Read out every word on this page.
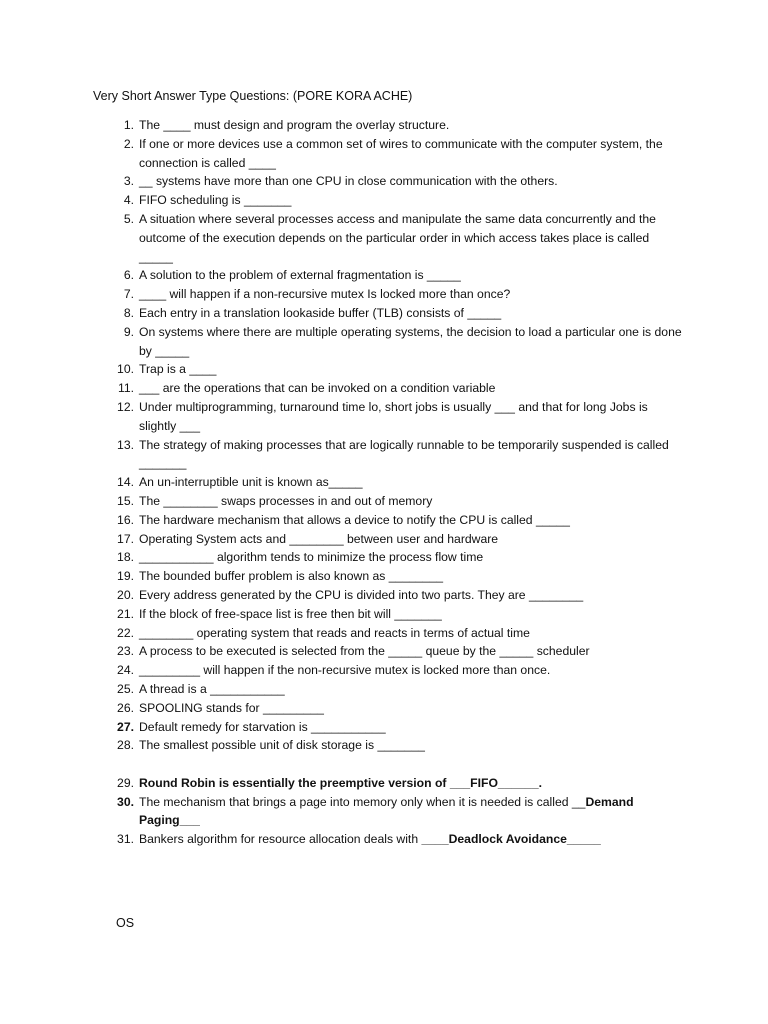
Very Short Answer Type Questions: (PORE KORA ACHE)
1. The ____ must design and program the overlay structure.
2. If one or more devices use a common set of wires to communicate with the computer system, the connection is called ____
3. __ systems have more than one CPU in close communication with the others.
4. FIFO scheduling is _______
5. A situation where several processes access and manipulate the same data concurrently and the outcome of the execution depends on the particular order in which access takes place is called _____
6. A solution to the problem of external fragmentation is _____
7. ____ will happen if a non-recursive mutex Is locked more than once?
8. Each entry in a translation lookaside buffer (TLB) consists of _____
9. On systems where there are multiple operating systems, the decision to load a particular one is done by _____
10. Trap is a ____
11. ___ are the operations that can be invoked on a condition variable
12. Under multiprogramming, turnaround time lo, short jobs is usually ___ and that for long Jobs is slightly ___
13. The strategy of making processes that are logically runnable to be temporarily suspended is called _______
14. An un-interruptible unit is known as_____
15. The ________ swaps processes in and out of memory
16. The hardware mechanism that allows a device to notify the CPU is called _____
17. Operating System acts and ________ between user and hardware
18. ___________ algorithm tends to minimize the process flow time
19. The bounded buffer problem is also known as ________
20. Every address generated by the CPU is divided into two parts. They are ________
21. If the block of free-space list is free then bit will _______
22. ________ operating system that reads and reacts in terms of actual time
23. A process to be executed is selected from the _____ queue by the _____ scheduler
24. _________ will happen if the non-recursive mutex is locked more than once.
25. A thread is a ___________
26. SPOOLING stands for _________
27. Default remedy for starvation is ___________
28. The smallest possible unit of disk storage is _______
29. Round Robin is essentially the preemptive version of ___FIFO______.
30. The mechanism that brings a page into memory only when it is needed is called __Demand Paging___
31. Bankers algorithm for resource allocation deals with ____Deadlock Avoidance_____
OS
